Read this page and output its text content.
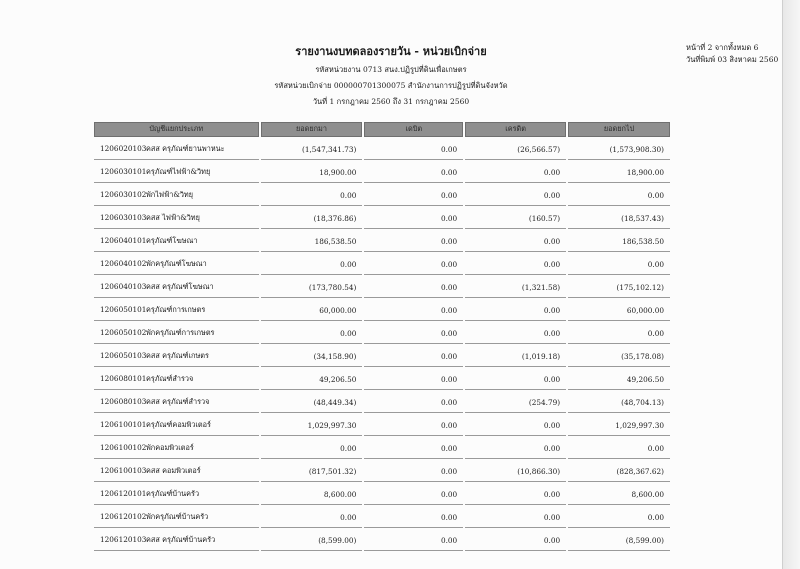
รายงานงบทดลองรายวัน - หน่วยเบิกจ่าย
รหัสหน่วยงาน 0713 สนง.ปฏิรูปที่ดินเพื่อเกษตร
รหัสหน่วยเบิกจ่าย 000000701300075 สำนักงานการปฏิรูปที่ดินจังหวัด
วันที่ 1 กรกฎาคม 2560 ถึง 31 กรกฎาคม 2560
หน้าที่ 2 จากทั้งหมด 6
วันที่พิมพ์ 03 สิงหาคม 2560
บัญชีแยกประเภท	ยอดยกมา	เดบิต	เครดิต	ยอดยกไป
1206020103คสส ครุภัณฑ์ยานพาหนะ	(1,547,341.73)	0.00	(26,566.57)	(1,573,908.30)
1206030101ครุภัณฑ์ไฟฟ้า&วิทยุ	18,900.00	0.00	0.00	18,900.00
1206030102พักไฟฟ้า&วิทยุ	0.00	0.00	0.00	0.00
1206030103คสส ไฟฟ้า&วิทยุ	(18,376.86)	0.00	(160.57)	(18,537.43)
1206040101ครุภัณฑ์โฆษณา	186,538.50	0.00	0.00	186,538.50
1206040102พักครุภัณฑ์โฆษณา	0.00	0.00	0.00	0.00
1206040103คสส ครุภัณฑ์โฆษณา	(173,780.54)	0.00	(1,321.58)	(175,102.12)
1206050101ครุภัณฑ์การเกษตร	60,000.00	0.00	0.00	60,000.00
1206050102พักครุภัณฑ์การเกษตร	0.00	0.00	0.00	0.00
1206050103คสส ครุภัณฑ์เกษตร	(34,158.90)	0.00	(1,019.18)	(35,178.08)
1206080101ครุภัณฑ์สำรวจ	49,206.50	0.00	0.00	49,206.50
1206080103คสส ครุภัณฑ์สำรวจ	(48,449.34)	0.00	(254.79)	(48,704.13)
1206100101ครุภัณฑ์คอมพิวเตอร์	1,029,997.30	0.00	0.00	1,029,997.30
1206100102พักคอมพิวเตอร์	0.00	0.00	0.00	0.00
1206100103คสส คอมพิวเตอร์	(817,501.32)	0.00	(10,866.30)	(828,367.62)
1206120101ครุภัณฑ์บ้านครัว	8,600.00	0.00	0.00	8,600.00
1206120102พักครุภัณฑ์บ้านครัว	0.00	0.00	0.00	0.00
1206120103คสส ครุภัณฑ์บ้านครัว	(8,599.00)	0.00	0.00	(8,599.00)
